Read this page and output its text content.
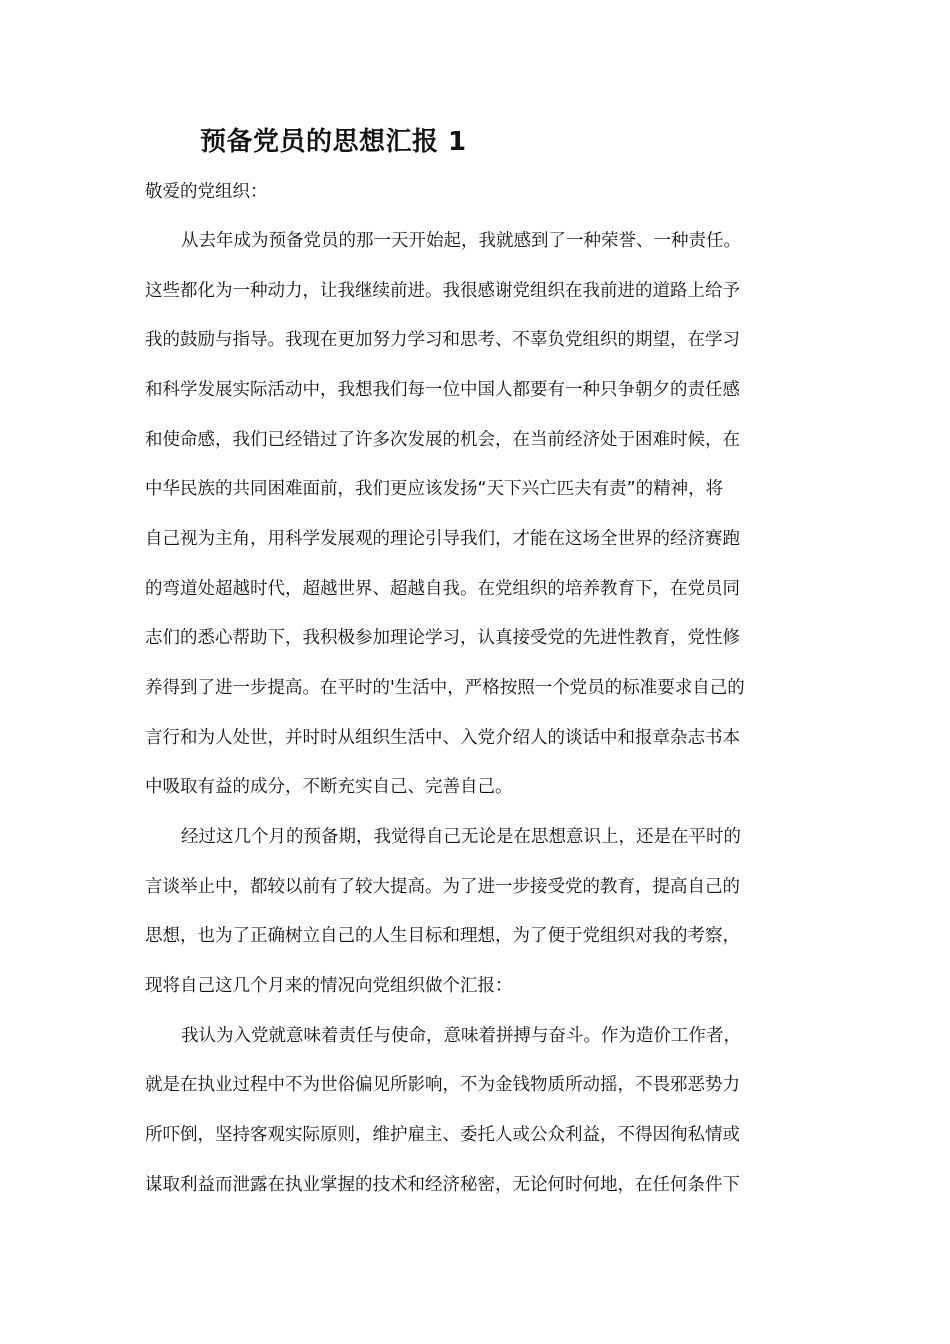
预备党员的思想汇报 1

敬爱的党组织：

从去年成为预备党员的那一天开始起，我就感到了一种荣誉、一种责任。

这些都化为一种动力，让我继续前进。我很感谢党组织在我前进的道路上给予

我的鼓励与指导。我现在更加努力学习和思考、不辜负党组织的期望，在学习

和科学发展实际活动中，我想我们每一位中国人都要有一种只争朝夕的责任感

和使命感，我们已经错过了许多次发展的机会，在当前经济处于困难时候，在

中华民族的共同困难面前，我们更应该发扬“天下兴亡匹夫有责”的精神，将

自己视为主角，用科学发展观的理论引导我们，才能在这场全世界的经济赛跑

的弯道处超越时代，超越世界、超越自我。在党组织的培养教育下，在党员同

志们的悉心帮助下，我积极参加理论学习，认真接受党的先进性教育，党性修

养得到了进一步提高。在平时的'生活中，严格按照一个党员的标准要求自己的

言行和为人处世，并时时从组织生活中、入党介绍人的谈话中和报章杂志书本

中吸取有益的成分，不断充实自己、完善自己。

经过这几个月的预备期，我觉得自己无论是在思想意识上，还是在平时的

言谈举止中，都较以前有了较大提高。为了进一步接受党的教育，提高自己的

思想，也为了正确树立自己的人生目标和理想，为了便于党组织对我的考察，

现将自己这几个月来的情况向党组织做个汇报：

我认为入党就意味着责任与使命，意味着拼搏与奋斗。作为造价工作者，

就是在执业过程中不为世俗偏见所影响，不为金钱物质所动摇，不畏邪恶势力

所吓倒，坚持客观实际原则，维护雇主、委托人或公众利益，不得因徇私情或

谋取利益而泄露在执业掌握的技术和经济秘密，无论何时何地，在任何条件下
